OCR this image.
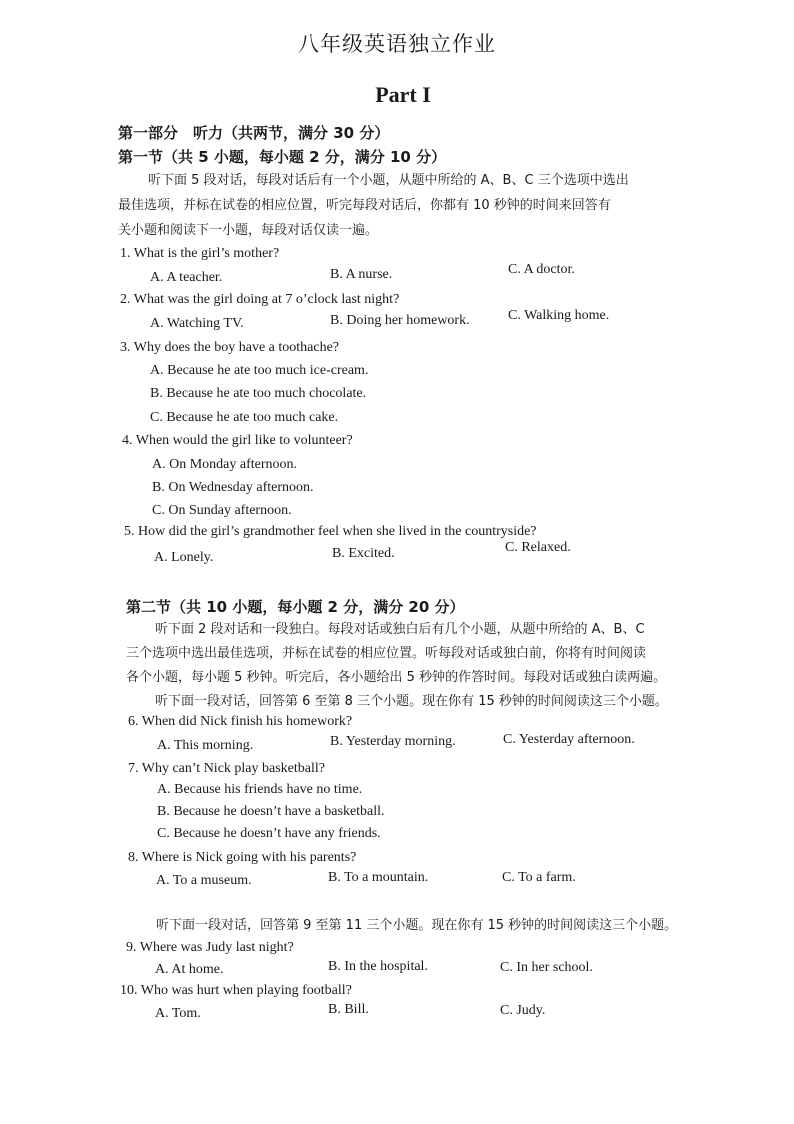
八年级英语独立作业
Part I
第一部分　听力（共两节，满分 30 分）
第一节（共 5 小题，每小题 2 分，满分 10 分）
听下面 5 段对话，每段对话后有一个小题，从题中所给的 A、B、C 三个选项中选出
最佳选项，并标在试卷的相应位置，听完每段对话后，你都有 10 秒钟的时间来回答有
关小题和阅读下一小题，每段对话仅读一遍。
1. What is the girl’s mother?
A. A teacher.	B. A nurse.	C. A doctor.
2. What was the girl doing at 7 o’clock last night?
A. Watching TV.	B. Doing her homework.	C. Walking home.
3. Why does the boy have a toothache?
A. Because he ate too much ice-cream.
B. Because he ate too much chocolate.
C. Because he ate too much cake.
4. When would the girl like to volunteer?
A. On Monday afternoon.
B. On Wednesday afternoon.
C. On Sunday afternoon.
5. How did the girl’s grandmother feel when she lived in the countryside?
A. Lonely.	B. Excited.	C. Relaxed.
第二节（共 10 小题，每小题 2 分，满分 20 分）
听下面 2 段对话和一段独白。每段对话或独白后有几个小题，从题中所给的 A、B、C
三个选项中选出最佳选项，并标在试卷的相应位置。听每段对话或独白前，你将有时间阅读
各个小题，每小题 5 秒钟。听完后，各小题给出 5 秒钟的作答时间。每段对话或独白读两遍。
听下面一段对话，回答第 6 至第 8 三个小题。现在你有 15 秒钟的时间阅读这三个小题。
6. When did Nick finish his homework?
A. This morning.	B. Yesterday morning.	C. Yesterday afternoon.
7. Why can’t Nick play basketball?
A. Because his friends have no time.
B. Because he doesn’t have a basketball.
C. Because he doesn’t have any friends.
8. Where is Nick going with his parents?
A. To a museum.	B. To a mountain.	C. To a farm.
听下面一段对话，回答第 9 至第 11 三个小题。现在你有 15 秒钟的时间阅读这三个小题。
9. Where was Judy last night?
A. At home.	B. In the hospital.	C. In her school.
10. Who was hurt when playing football?
A. Tom.	B. Bill.	C. Judy.
